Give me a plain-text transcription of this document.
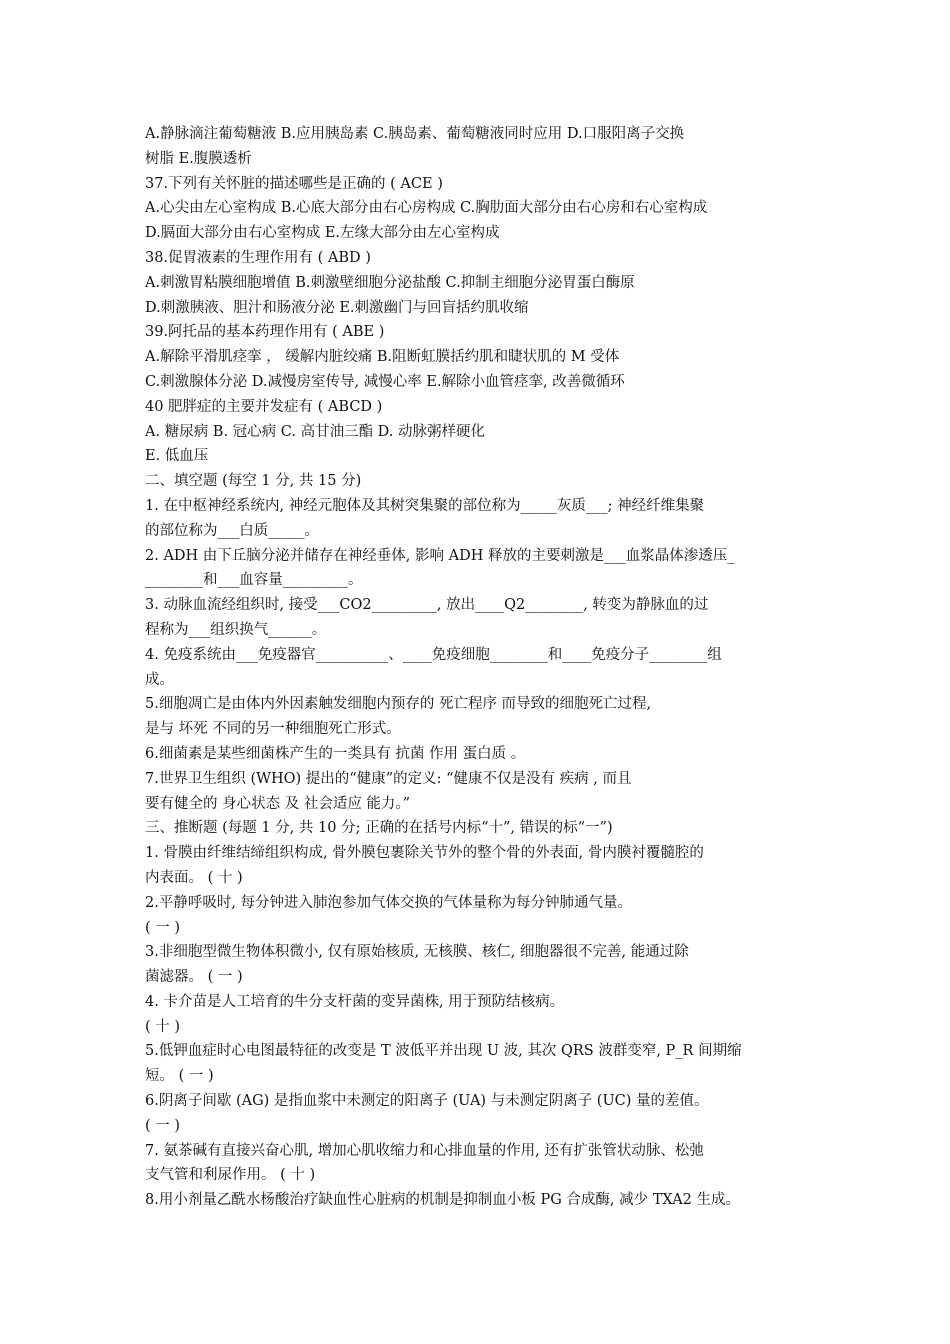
A.静脉滴注葡萄糖液 B.应用胰岛素 C.胰岛素、葡萄糖液同时应用 D.口服阳离子交换
树脂 E.腹膜透析
37.下列有关怀脏的描述哪些是正确的 ( ACE )
A.心尖由左心室构成 B.心底大部分由右心房构成 C.胸肋面大部分由右心房和右心室构成
D.膈面大部分由右心室构成 E.左缘大部分由左心室构成
38.促胃液素的生理作用有 ( ABD )
A.刺激胃粘膜细胞增值 B.刺激壁细胞分泌盐酸 C.抑制主细胞分泌胃蛋白酶原
D.刺激胰液、胆汁和肠液分泌 E.刺激幽门与回盲括约肌收缩
39.阿托品的基本药理作用有 ( ABE )
A.解除平滑肌痉挛 ， 缓解内脏绞痛 B.阻断虹膜括约肌和睫状肌的 M 受体
C.刺激腺体分泌 D.减慢房室传导, 减慢心率 E.解除小血管痉挛, 改善微循环
40 肥胖症的主要并发症有 ( ABCD )
A. 糖尿病 B. 冠心病 C. 高甘油三酯 D. 动脉粥样硬化
E. 低血压
二、填空题 (每空 1 分, 共 15 分)
1. 在中枢神经系统内, 神经元胞体及其树突集聚的部位称为_____灰质___; 神经纤维集聚
的部位称为___白质_____。
2. ADH 由下丘脑分泌并储存在神经垂体, 影响 ADH 释放的主要刺激是___血浆晶体渗透压_
________和___血容量_________。
3. 动脉血流经组织时, 接受___CO2_________, 放出____Q2________, 转变为静脉血的过
程称为___组织换气______。
4. 免疫系统由___免疫器官__________、____免疫细胞________和____免疫分子________组
成。
5.细胞凋亡是由体内外因素触发细胞内预存的 死亡程序 而导致的细胞死亡过程,
是与 坏死 不同的另一种细胞死亡形式。
6.细菌素是某些细菌株产生的一类具有 抗菌 作用 蛋白质 。
7.世界卫生组织 (WHO) 提出的“健康”的定义: “健康不仅是没有 疾病 , 而且
要有健全的 身心状态 及 社会适应 能力。”
三、推断题 (每题 1 分, 共 10 分; 正确的在括号内标“十”, 错误的标“一”)
1. 骨膜由纤维结缔组织构成, 骨外膜包裹除关节外的整个骨的外表面, 骨内膜衬覆髓腔的
内表面。 ( 十 )
2.平静呼吸时, 每分钟进入肺泡参加气体交换的气体量称为每分钟肺通气量。
( 一 )
3.非细胞型微生物体积微小, 仅有原始核质, 无核膜、核仁, 细胞器很不完善, 能通过除
菌滤器。 ( 一 )
4. 卡介苗是人工培育的牛分支杆菌的变异菌株, 用于预防结核病。
( 十 )
5.低钾血症时心电图最特征的改变是 T 波低平并出现 U 波, 其次 QRS 波群变窄, P_R 间期缩
短。 ( 一 )
6.阴离子间歇 (AG) 是指血浆中未测定的阳离子 (UA) 与未测定阴离子 (UC) 量的差值。
( 一 )
7. 氨茶碱有直接兴奋心肌, 增加心肌收缩力和心排血量的作用, 还有扩张管状动脉、松弛
支气管和利尿作用。 ( 十 )
8.用小剂量乙酰水杨酸治疗缺血性心脏病的机制是抑制血小板 PG 合成酶, 减少 TXA2 生成。
